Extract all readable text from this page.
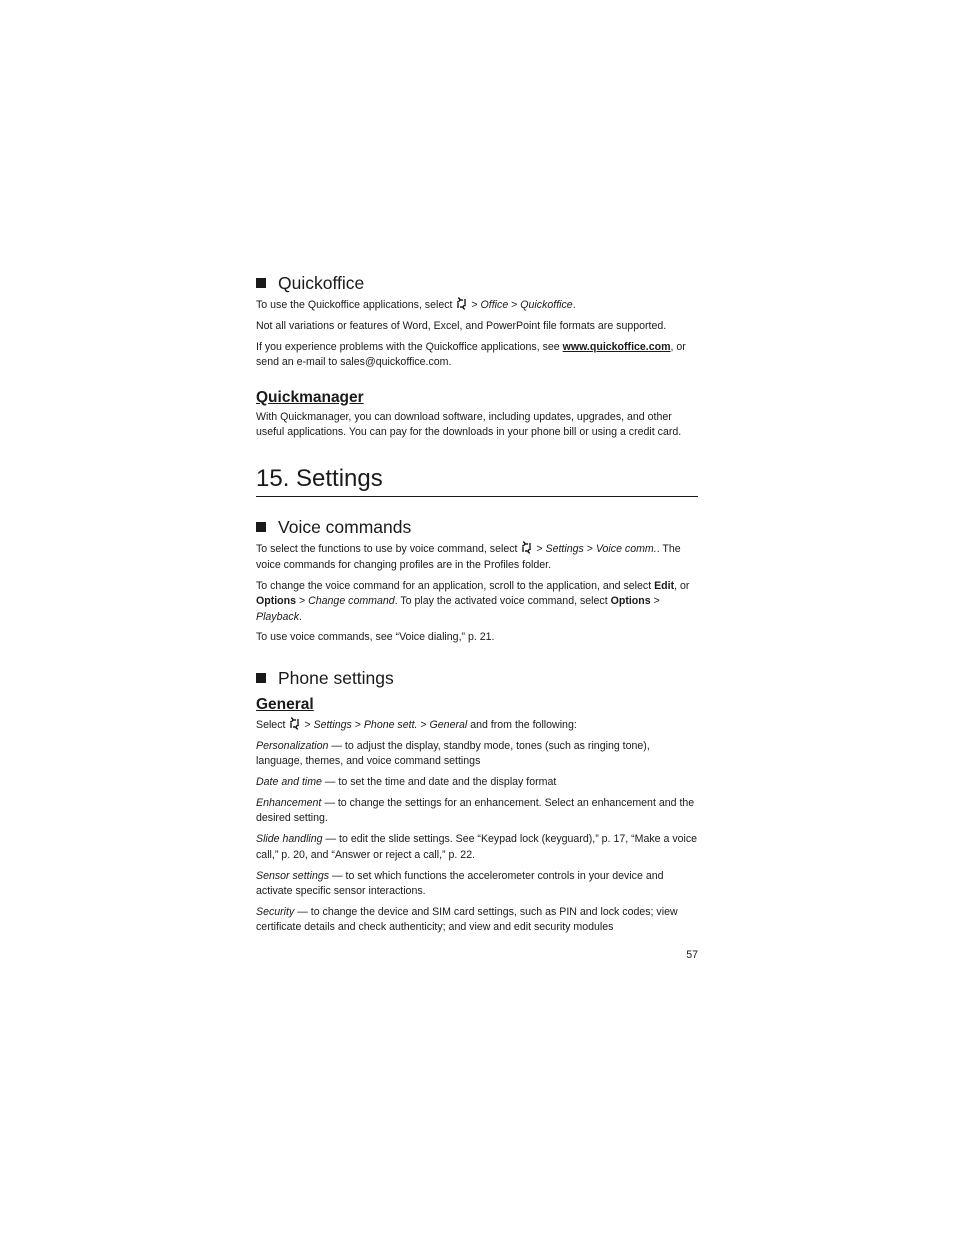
Quickoffice

To use the Quickoffice applications, select  > Office > Quickoffice.

Not all variations or features of Word, Excel, and PowerPoint file formats are supported.

If you experience problems with the Quickoffice applications, see www.quickoffice.com, or send an e-mail to sales@quickoffice.com.

Quickmanager

With Quickmanager, you can download software, including updates, upgrades, and other useful applications. You can pay for the downloads in your phone bill or using a credit card.

15. Settings
Voice commands

To select the functions to use by voice command, select  > Settings > Voice comm.. The voice commands for changing profiles are in the Profiles folder.

To change the voice command for an application, scroll to the application, and select Edit, or Options > Change command. To play the activated voice command, select Options > Playback.

To use voice commands, see “Voice dialing,” p. 21.

Phone settings
General

Select  > Settings > Phone sett. > General and from the following:

Personalization — to adjust the display, standby mode, tones (such as ringing tone), language, themes, and voice command settings

Date and time — to set the time and date and the display format

Enhancement — to change the settings for an enhancement. Select an enhancement and the desired setting.

Slide handling — to edit the slide settings. See “Keypad lock (keyguard),” p. 17, “Make a voice call,” p. 20, and “Answer or reject a call,” p. 22.

Sensor settings — to set which functions the accelerometer controls in your device and activate specific sensor interactions.

Security — to change the device and SIM card settings, such as PIN and lock codes; view certificate details and check authenticity; and view and edit security modules

57
